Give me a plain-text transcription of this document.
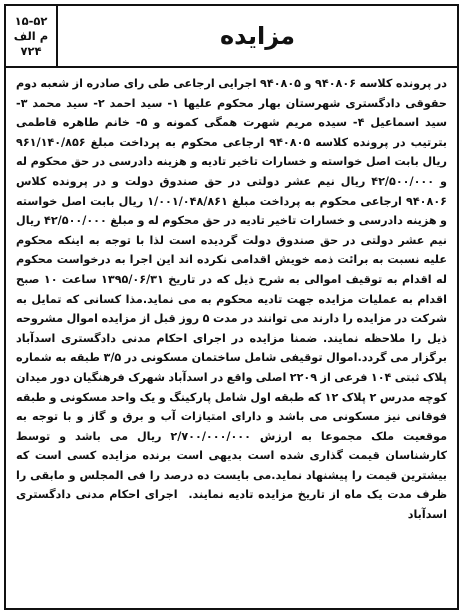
۱۵-۵۲
م الف
۷۲۴
مزایده
در پرونده کلاسه ۹۴۰۸۰۶ و ۹۴۰۸۰۵ اجرایی ارجاعی طی رای صادره از شعبه دوم حقوقی دادگستری شهرستان بهار محکوم علیها ۱- سید احمد ۲- سید محمد ۳- سید اسماعیل ۴- سیده مریم شهرت همگی کمونه و ۵- خانم طاهره قاطمی بترتیب در پرونده کلاسه ۹۴۰۸۰۵ ارجاعی محکوم به پرداخت مبلغ ۹۶۱/۱۴۰/۸۵۶ ریال بابت اصل خواسته و خسارات تاخیر تادیه و هزینه دادرسی در حق محکوم له و ۴۲/۵۰۰/۰۰۰ ریال نیم عشر دولتی در حق صندوق دولت و در پرونده کلاس ۹۴۰۸۰۶ ارجاعی محکوم به پرداخت مبلغ ۱/۰۰۱/۰۴۸/۸۶۱ ریال بابت اصل خواسته و هزینه دادرسی و خسارات تاخیر تادیه در حق محکوم له و مبلغ ۴۲/۵۰۰/۰۰۰ ریال نیم عشر دولتی در حق صندوق دولت گردیده است لذا با توجه به اینکه محکوم علیه نسبت به برائت ذمه خویش اقدامی نکرده اند این اجرا به درخواست محکوم له اقدام به توقیف اموالی به شرح ذیل که در تاریخ ۱۳۹۵/۰۶/۳۱ ساعت ۱۰ صبح اقدام به عملیات مزایده جهت تادیه محکوم به می نماید.مذا کسانی که تمایل به شرکت در مزایده را دارند می توانند در مدت ۵ روز قبل از مزایده اموال مشروحه ذیل را ملاحظه نمایند. ضمنا مزایده در اجرای احکام مدنی دادگستری اسدآباد برگزار می گردد.اموال توقیفی شامل ساختمان مسکونی در ۳/۵ طبقه به شماره پلاک ثبتی ۱۰۴ فرعی از ۲۲۰۹ اصلی واقع در اسدآباد شهرک فرهنگیان دور میدان کوچه مدرس ۲ پلاک ۱۲ که طبقه اول شامل پارکینگ و یک واحد مسکونی و طبقه فوقانی نیز مسکونی می باشد و دارای امتیازات آب و برق و گاز و با توجه به موقعیت ملک مجموعا به ارزش ۲/۷۰۰/۰۰۰/۰۰۰ ریال می باشد و توسط کارشناسان قیمت گذاری شده است بدیهی است برنده مزایده کسی است که بیشترین قیمت را پیشنهاد نماید.می بایست ده درصد را فی المجلس و مابقی را ظرف مدت یک ماه از تاریخ مزایده تادیه نمایند. اجرای احکام مدنی دادگستری اسدآباد
